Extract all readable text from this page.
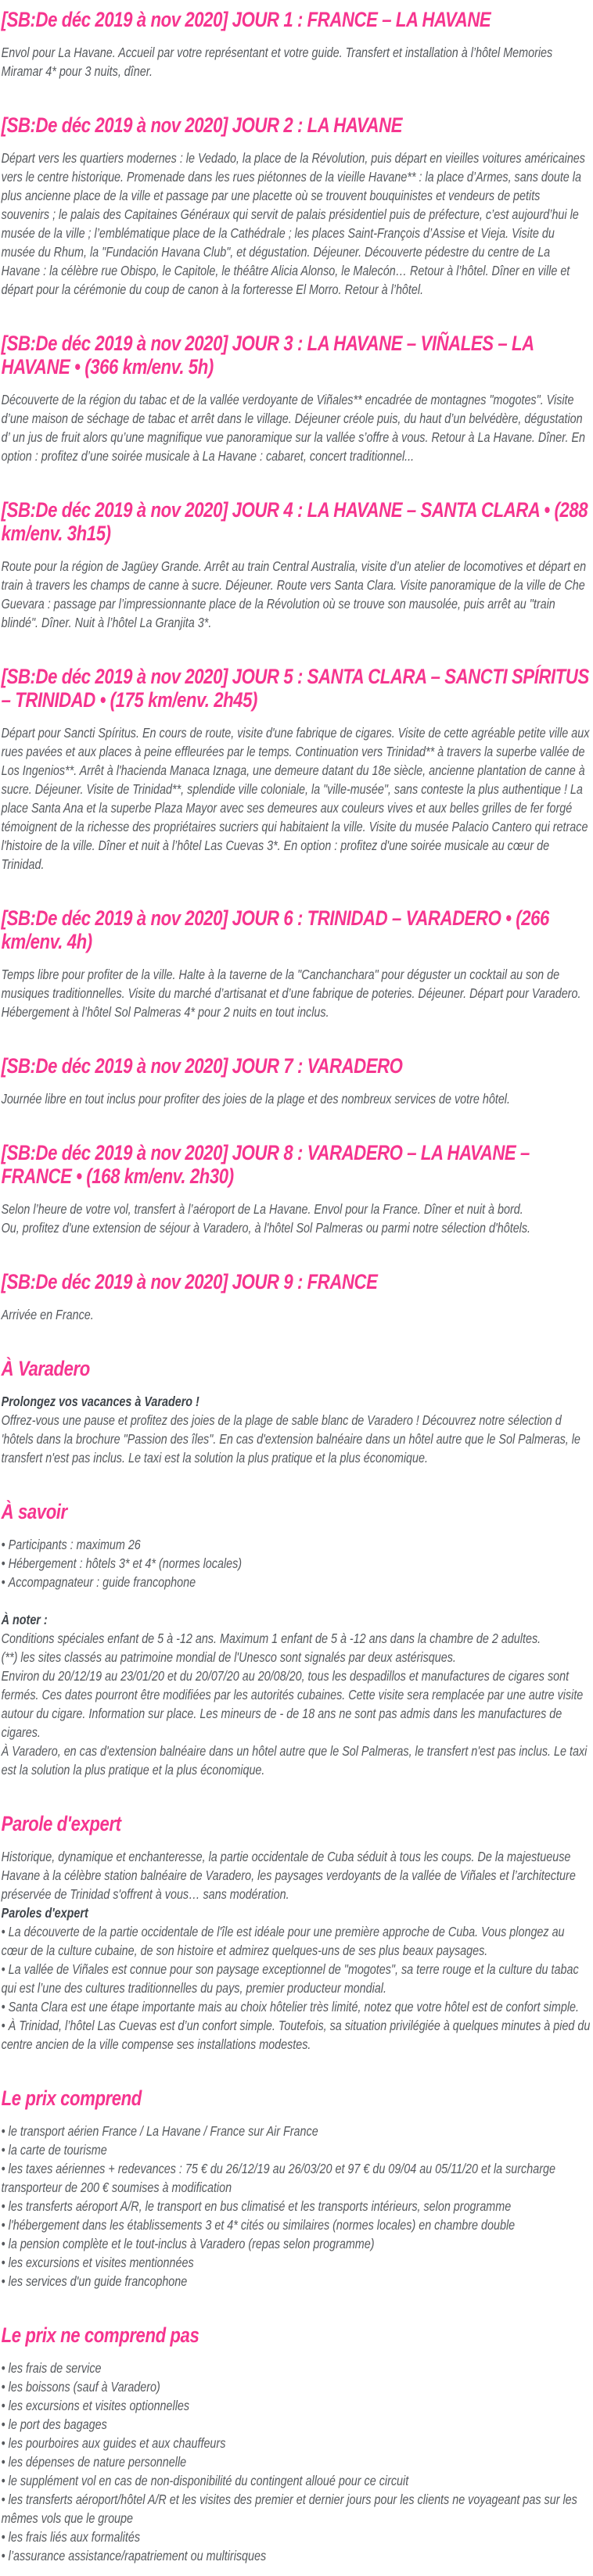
[SB:De déc 2019 à nov 2020] JOUR 1 : FRANCE – LA HAVANE

Envol pour La Havane. Accueil par votre représentant et votre guide. Transfert et installation à l’hôtel Memories Miramar 4* pour 3 nuits, dîner.

[SB:De déc 2019 à nov 2020] JOUR 2 : LA HAVANE

Départ vers les quartiers modernes : le Vedado, la place de la Révolution, puis départ en vieilles voitures américaines vers le centre historique. Promenade dans les rues piétonnes de la vieille Havane** : la place d’Armes, sans doute la plus ancienne place de la ville et passage par une placette où se trouvent bouquinistes et vendeurs de petits souvenirs ; le palais des Capitaines Généraux qui servit de palais présidentiel puis de préfecture, c’est aujourd’hui le musée de la ville ; l’emblématique place de la Cathédrale ; les places Saint-François d’Assise et Vieja. Visite du musée du Rhum, la "Fundación Havana Club", et dégustation. Déjeuner. Découverte pédestre du centre de La Havane : la célèbre rue Obispo, le Capitole, le théâtre Alicia Alonso, le Malecón… Retour à l’hôtel. Dîner en ville et départ pour la cérémonie du coup de canon à la forteresse El Morro. Retour à l’hôtel.

[SB:De déc 2019 à nov 2020] JOUR 3 : LA HAVANE – VIÑALES – LA HAVANE • (366 km/env. 5h)

Découverte de la région du tabac et de la vallée verdoyante de Viñales** encadrée de montagnes "mogotes". Visite d’une maison de séchage de tabac et arrêt dans le village. Déjeuner créole puis, du haut d’un belvédère, dégustation d’ un jus de fruit alors qu’une magnifique vue panoramique sur la vallée s’offre à vous. Retour à La Havane. Dîner. En option : profitez d’une soirée musicale à La Havane : cabaret, concert traditionnel...

[SB:De déc 2019 à nov 2020] JOUR 4 : LA HAVANE – SANTA CLARA • (288 km/env. 3h15)

Route pour la région de Jagüey Grande. Arrêt au train Central Australia, visite d’un atelier de locomotives et départ en train à travers les champs de canne à sucre. Déjeuner. Route vers Santa Clara. Visite panoramique de la ville de Che Guevara : passage par l’impressionnante place de la Révolution où se trouve son mausolée, puis arrêt au "train blindé". Dîner. Nuit à l’hôtel La Granjita 3*.

[SB:De déc 2019 à nov 2020] JOUR 5 : SANTA CLARA – SANCTI SPÍRITUS – TRINIDAD • (175 km/env. 2h45)

Départ pour Sancti Spíritus. En cours de route, visite d'une fabrique de cigares. Visite de cette agréable petite ville aux rues pavées et aux places à peine effleurées par le temps. Continuation vers Trinidad** à travers la superbe vallée de Los Ingenios**. Arrêt à l'hacienda Manaca Iznaga, une demeure datant du 18e siècle, ancienne plantation de canne à sucre. Déjeuner. Visite de Trinidad**, splendide ville coloniale, la "ville-musée", sans conteste la plus authentique ! La place Santa Ana et la superbe Plaza Mayor avec ses demeures aux couleurs vives et aux belles grilles de fer forgé témoignent de la richesse des propriétaires sucriers qui habitaient la ville. Visite du musée Palacio Cantero qui retrace l'histoire de la ville. Dîner et nuit à l’hôtel Las Cuevas 3*. En option : profitez d'une soirée musicale au cœur de Trinidad.

[SB:De déc 2019 à nov 2020] JOUR 6 : TRINIDAD – VARADERO • (266 km/env. 4h)

Temps libre pour profiter de la ville. Halte à la taverne de la "Canchanchara" pour déguster un cocktail au son de musiques traditionnelles. Visite du marché d’artisanat et d’une fabrique de poteries. Déjeuner. Départ pour Varadero. Hébergement à l’hôtel Sol Palmeras 4* pour 2 nuits en tout inclus.

[SB:De déc 2019 à nov 2020] JOUR 7 : VARADERO

Journée libre en tout inclus pour profiter des joies de la plage et des nombreux services de votre hôtel.

[SB:De déc 2019 à nov 2020] JOUR 8 : VARADERO – LA HAVANE – FRANCE • (168 km/env. 2h30)

Selon l’heure de votre vol, transfert à l’aéroport de La Havane. Envol pour la France. Dîner et nuit à bord.

Ou, profitez d'une extension de séjour à Varadero, à l'hôtel Sol Palmeras ou parmi notre sélection d'hôtels.

[SB:De déc 2019 à nov 2020] JOUR 9 : FRANCE

Arrivée en France.

À Varadero

Prolongez vos vacances à Varadero !

Offrez-vous une pause et profitez des joies de la plage de sable blanc de Varadero ! Découvrez notre sélection d 'hôtels dans la brochure "Passion des îles". En cas d'extension balnéaire dans un hôtel autre que le Sol Palmeras, le transfert n'est pas inclus. Le taxi est la solution la plus pratique et la plus économique.

À savoir
• Participants : maximum 26
• Hébergement : hôtels 3* et 4* (normes locales)
• Accompagnateur : guide francophone

À noter :

Conditions spéciales enfant de 5 à -12 ans. Maximum 1 enfant de 5 à -12 ans dans la chambre de 2 adultes.

(**) les sites classés au patrimoine mondial de l'Unesco sont signalés par deux astérisques.

Environ du 20/12/19 au 23/01/20 et du 20/07/20 au 20/08/20, tous les despadillos et manufactures de cigares sont fermés. Ces dates pourront être modifiées par les autorités cubaines. Cette visite sera remplacée par une autre visite autour du cigare. Information sur place. Les mineurs de - de 18 ans ne sont pas admis dans les manufactures de cigares.

À Varadero, en cas d'extension balnéaire dans un hôtel autre que le Sol Palmeras, le transfert n'est pas inclus. Le taxi est la solution la plus pratique et la plus économique.

Parole d'expert

Historique, dynamique et enchanteresse, la partie occidentale de Cuba séduit à tous les coups. De la majestueuse Havane à la célèbre station balnéaire de Varadero, les paysages verdoyants de la vallée de Viñales et l’architecture préservée de Trinidad s'offrent à vous… sans modération.

Paroles d'expert

• La découverte de la partie occidentale de l'île est idéale pour une première approche de Cuba. Vous plongez au cœur de la culture cubaine, de son histoire et admirez quelques-uns de ses plus beaux paysages.
• La vallée de Viñales est connue pour son paysage exceptionnel de "mogotes", sa terre rouge et la culture du tabac qui est l’une des cultures traditionnelles du pays, premier producteur mondial.
• Santa Clara est une étape importante mais au choix hôtelier très limité, notez que votre hôtel est de confort simple.
• À Trinidad, l’hôtel Las Cuevas est d’un confort simple. Toutefois, sa situation privilégiée à quelques minutes à pied du centre ancien de la ville compense ses installations modestes.
Le prix comprend
• le transport aérien France / La Havane / France sur Air France
• la carte de tourisme
• les taxes aériennes + redevances : 75 € du 26/12/19 au 26/03/20 et 97 € du 09/04 au 05/11/20 et la surcharge transporteur de 200 € soumises à modification
• les transferts aéroport A/R, le transport en bus climatisé et les transports intérieurs, selon programme
• l'hébergement dans les établissements 3 et 4* cités ou similaires (normes locales) en chambre double
• la pension complète et le tout-inclus à Varadero (repas selon programme)
• les excursions et visites mentionnées
• les services d'un guide francophone
Le prix ne comprend pas
• les frais de service
• les boissons (sauf à Varadero)
• les excursions et visites optionnelles
• le port des bagages
• les pourboires aux guides et aux chauffeurs
• les dépenses de nature personnelle
• le supplément vol en cas de non-disponibilité du contingent alloué pour ce circuit
• les transferts aéroport/hôtel A/R et les visites des premier et dernier jours pour les clients ne voyageant pas sur les mêmes vols que le groupe
• les frais liés aux formalités
• l’assurance assistance/rapatriement ou multirisques
